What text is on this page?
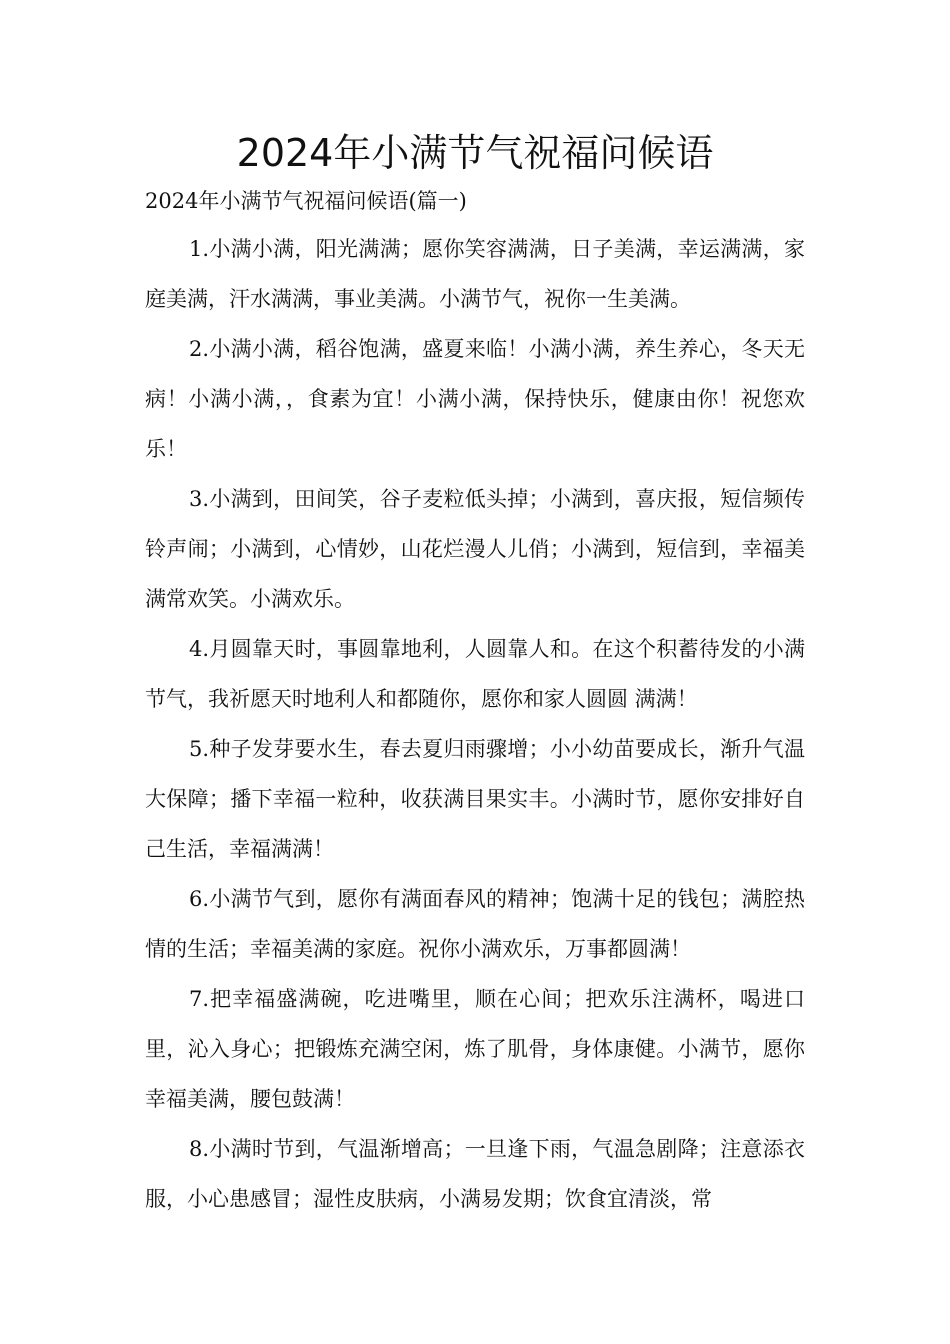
2024年小满节气祝福问候语
2024年小满节气祝福问候语(篇一)

1.小满小满，阳光满满；愿你笑容满满，日子美满，幸运满满，家庭美满，汗水满满，事业美满。小满节气，祝你一生美满。

2.小满小满，稻谷饱满，盛夏来临！小满小满，养生养心，冬天无病！小满小满，，食素为宜！小满小满，保持快乐，健康由你！祝您欢乐！

3.小满到，田间笑，谷子麦粒低头掉；小满到，喜庆报，短信频传铃声闹；小满到，心情妙，山花烂漫人儿俏；小满到，短信到，幸福美满常欢笑。小满欢乐。

4.月圆靠天时，事圆靠地利，人圆靠人和。在这个积蓄待发的小满节气，我祈愿天时地利人和都随你，愿你和家人圆圆 满满！

5.种子发芽要水生，春去夏归雨骤增；小小幼苗要成长，渐升气温大保障；播下幸福一粒种，收获满目果实丰。小满时节，愿你安排好自己生活，幸福满满！

6.小满节气到，愿你有满面春风的精神；饱满十足的钱包；满腔热情的生活；幸福美满的家庭。祝你小满欢乐，万事都圆满！

7.把幸福盛满碗，吃进嘴里，顺在心间；把欢乐注满杯，喝进口里，沁入身心；把锻炼充满空闲，炼了肌骨，身体康健。小满节，愿你幸福美满，腰包鼓满！

8.小满时节到，气温渐增高；一旦逢下雨，气温急剧降；注意添衣服，小心患感冒；湿性皮肤病，小满易发期；饮食宜清淡，常
